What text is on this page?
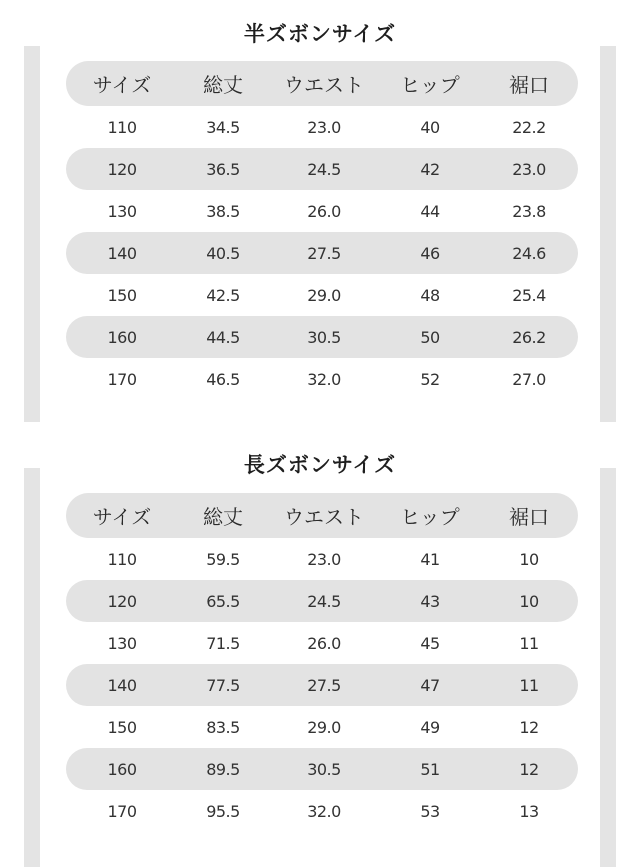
半ズボンサイズ
サイズ	総丈	ウエスト	ヒップ	裾口
110	34.5	23.0	40	22.2
120	36.5	24.5	42	23.0
130	38.5	26.0	44	23.8
140	40.5	27.5	46	24.6
150	42.5	29.0	48	25.4
160	44.5	30.5	50	26.2
170	46.5	32.0	52	27.0
長ズボンサイズ
サイズ	総丈	ウエスト	ヒップ	裾口
110	59.5	23.0	41	10
120	65.5	24.5	43	10
130	71.5	26.0	45	11
140	77.5	27.5	47	11
150	83.5	29.0	49	12
160	89.5	30.5	51	12
170	95.5	32.0	53	13
